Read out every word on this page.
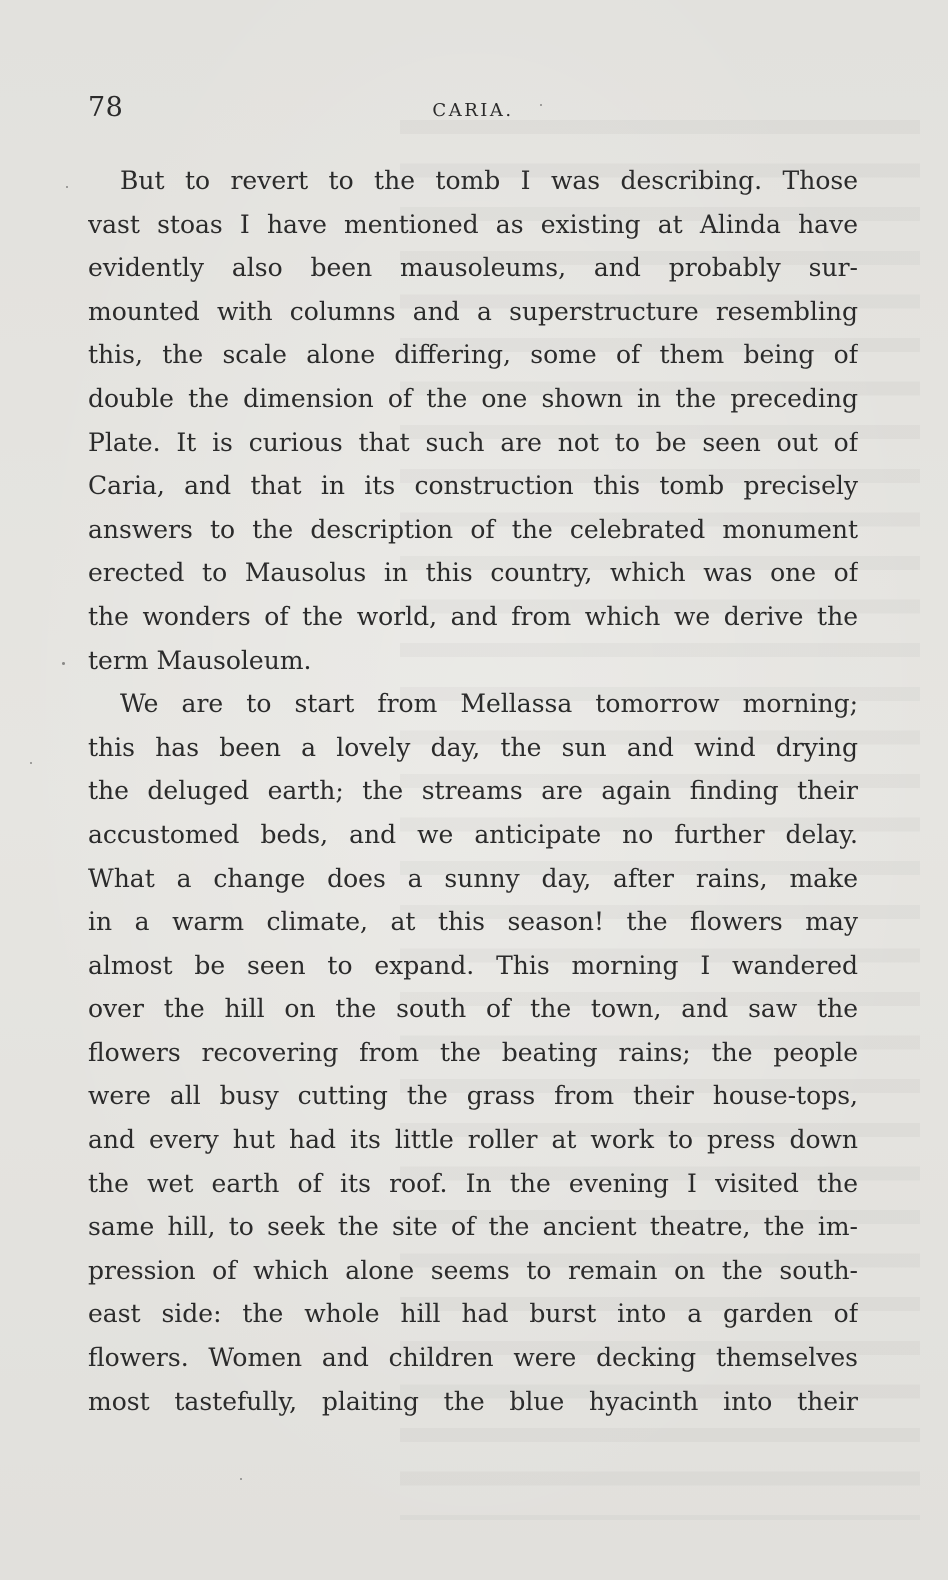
78	CARIA.
But to revert to the tomb I was describing. Those
vast stoas I have mentioned as existing at Alinda have
evidently also been mausoleums, and probably sur-
mounted with columns and a superstructure resembling
this, the scale alone differing, some of them being of
double the dimension of the one shown in the preceding
Plate. It is curious that such are not to be seen out of
Caria, and that in its construction this tomb precisely
answers to the description of the celebrated monument
erected to Mausolus in this country, which was one of
the wonders of the world, and from which we derive the
term Mausoleum.
We are to start from Mellassa tomorrow morning;
this has been a lovely day, the sun and wind drying
the deluged earth; the streams are again finding their
accustomed beds, and we anticipate no further delay.
What a change does a sunny day, after rains, make
in a warm climate, at this season! the flowers may
almost be seen to expand. This morning I wandered
over the hill on the south of the town, and saw the
flowers recovering from the beating rains; the people
were all busy cutting the grass from their house-tops,
and every hut had its little roller at work to press down
the wet earth of its roof. In the evening I visited the
same hill, to seek the site of the ancient theatre, the im-
pression of which alone seems to remain on the south-
east side: the whole hill had burst into a garden of
flowers. Women and children were decking themselves
most tastefully, plaiting the blue hyacinth into their
